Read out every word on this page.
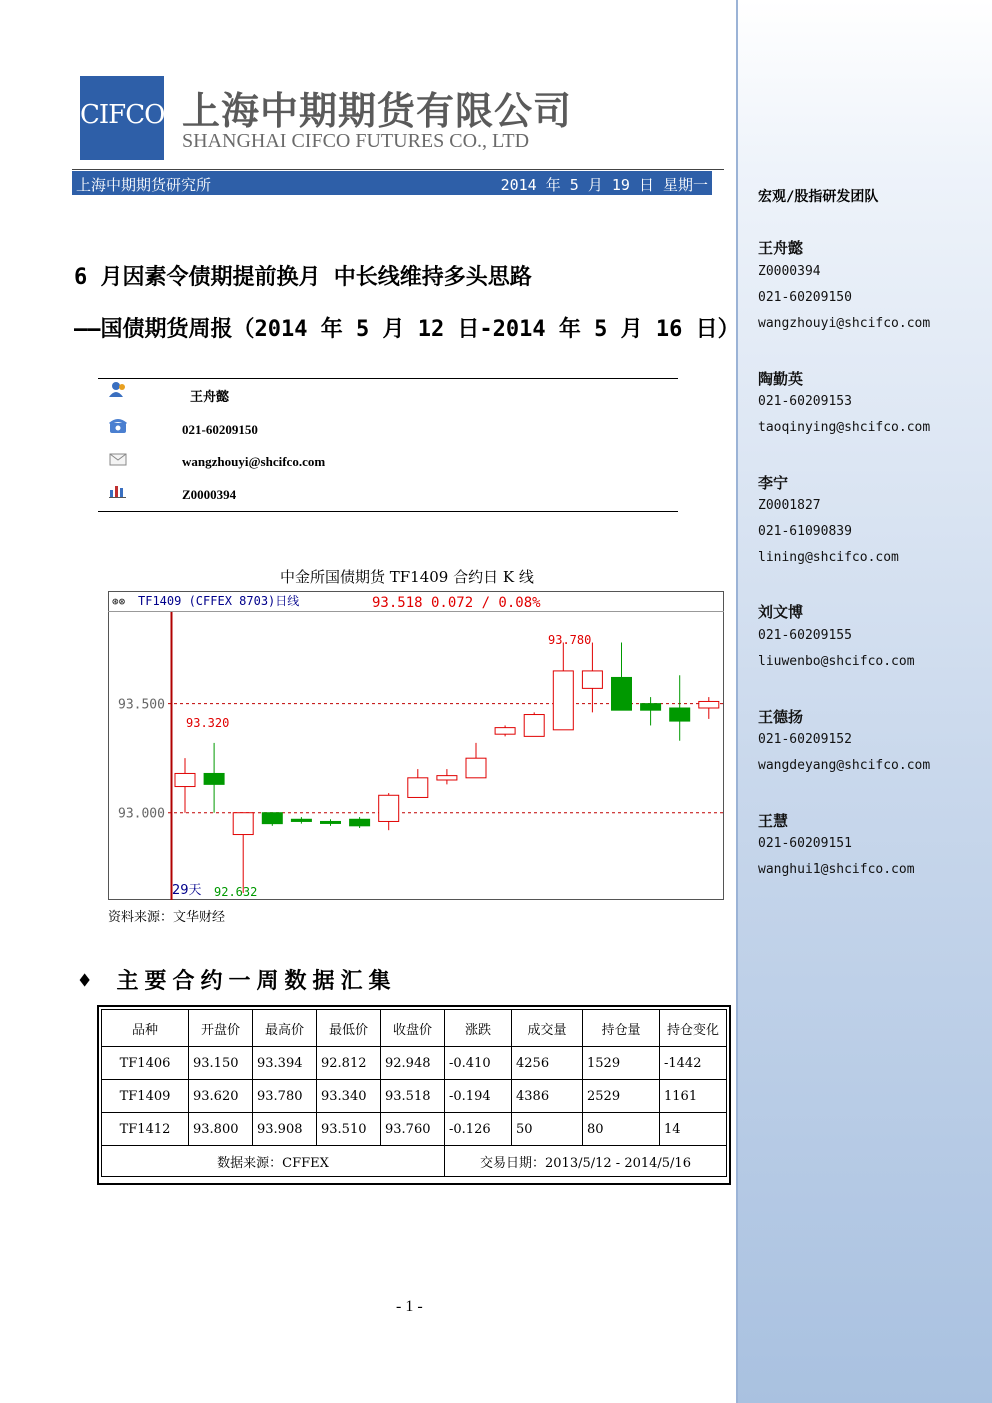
宏观/股指研发团队
王舟懿
Z0000394
021-60209150
wangzhouyi@shcifco.com
陶勤英
021-60209153
taoqinying@shcifco.com
李宁
Z0001827
021-61090839
lining@shcifco.com
刘文博
021-60209155
liuwenbo@shcifco.com
王德扬
021-60209152
wangdeyang@shcifco.com
王慧
021-60209151
wanghui1@shcifco.com
CIFCO 上海中期期货有限公司
SHANGHAI CIFCO FUTURES CO., LTD
上海中期期货研究所	2014 年 5 月 19 日 星期一
6 月因素令债期提前换月 中长线维持多头思路
——国债期货周报（2014 年 5 月 12 日-2014 年 5 月 16 日）
王舟懿
021-60209150
wangzhouyi@shcifco.com
Z0000394
中金所国债期货 TF1409 合约日 K 线
⊛⊛ TF1409 (CFFEX 8703)日线	93.518 0.072 / 0.08%
93.500
93.000
93.320
93.780
92.632
29天
资料来源：文华财经
♦ 主要合约一周数据汇集
品种	开盘价	最高价	最低价	收盘价	涨跌	成交量	持仓量	持仓变化
TF1406	93.150	93.394	92.812	92.948	-0.410	4256	1529	-1442
TF1409	93.620	93.780	93.340	93.518	-0.194	4386	2529	1161
TF1412	93.800	93.908	93.510	93.760	-0.126	50	80	14
数据来源：CFFEX					交易日期：2013/5/12 - 2014/5/16			
- 1 -
